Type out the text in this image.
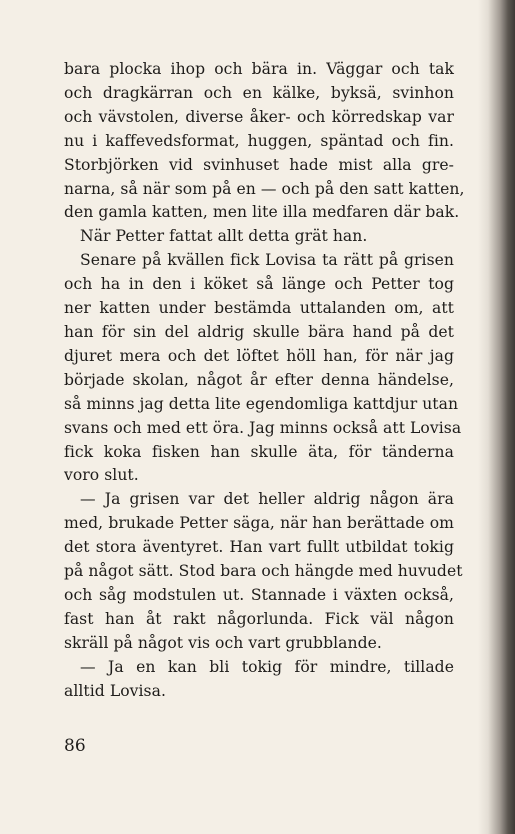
bara plocka ihop och bära in. Väggar och tak
och dragkärran och en kälke, byksä, svinhon
och vävstolen, diverse åker- och körredskap var
nu i kaffevedsformat, huggen, späntad och fin.
Storbjörken vid svinhuset hade mist alla gre-
narna, så när som på en — och på den satt katten,
den gamla katten, men lite illa medfaren där bak.
När Petter fattat allt detta grät han.
Senare på kvällen fick Lovisa ta rätt på grisen
och ha in den i köket så länge och Petter tog
ner katten under bestämda uttalanden om, att
han för sin del aldrig skulle bära hand på det
djuret mera och det löftet höll han, för när jag
började skolan, något år efter denna händelse,
så minns jag detta lite egendomliga kattdjur utan
svans och med ett öra. Jag minns också att Lovisa
fick koka fisken han skulle äta, för tänderna
voro slut.
— Ja grisen var det heller aldrig någon ära
med, brukade Petter säga, när han berättade om
det stora äventyret. Han vart fullt utbildat tokig
på något sätt. Stod bara och hängde med huvudet
och såg modstulen ut. Stannade i växten också,
fast han åt rakt någorlunda. Fick väl någon
skräll på något vis och vart grubblande.
— Ja en kan bli tokig för mindre, tillade
alltid Lovisa.
86
